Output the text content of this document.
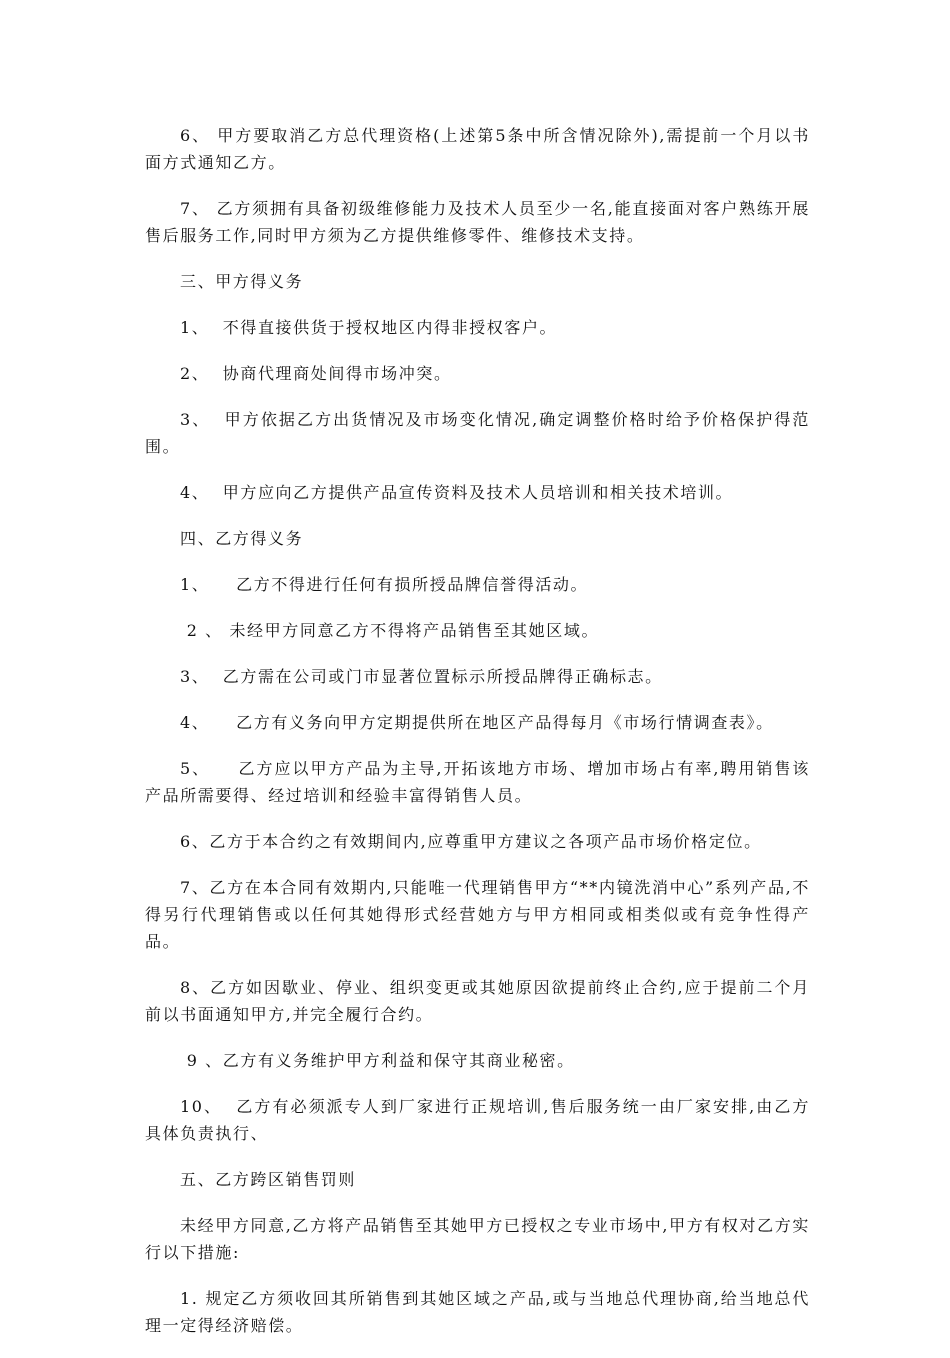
6、 甲方要取消乙方总代理资格(上述第5条中所含情况除外),需提前一个月以书面方式通知乙方。

7、 乙方须拥有具备初级维修能力及技术人员至少一名,能直接面对客户熟练开展售后服务工作,同时甲方须为乙方提供维修零件、维修技术支持。

三、甲方得义务

1、  不得直接供货于授权地区内得非授权客户。

2、  协商代理商处间得市场冲突。

3、  甲方依据乙方出货情况及市场变化情况,确定调整价格时给予价格保护得范围。

4、  甲方应向乙方提供产品宣传资料及技术人员培训和相关技术培训。

四、乙方得义务

1、    乙方不得进行任何有损所授品牌信誉得活动。

2 、 未经甲方同意乙方不得将产品销售至其她区域。

3、  乙方需在公司或门市显著位置标示所授品牌得正确标志。

4、    乙方有义务向甲方定期提供所在地区产品得每月《市场行情调查表》。

5、    乙方应以甲方产品为主导,开拓该地方市场、增加市场占有率,聘用销售该产品所需要得、经过培训和经验丰富得销售人员。

6、乙方于本合约之有效期间内,应尊重甲方建议之各项产品市场价格定位。

7、乙方在本合同有效期内,只能唯一代理销售甲方“**内镜洗消中心”系列产品,不得另行代理销售或以任何其她得形式经营她方与甲方相同或相类似或有竞争性得产品。

8、乙方如因歇业、停业、组织变更或其她原因欲提前终止合约,应于提前二个月前以书面通知甲方,并完全履行合约。

9 、乙方有义务维护甲方利益和保守其商业秘密。

10、  乙方有必须派专人到厂家进行正规培训,售后服务统一由厂家安排,由乙方具体负责执行、

五、乙方跨区销售罚则

未经甲方同意,乙方将产品销售至其她甲方已授权之专业市场中,甲方有权对乙方实行以下措施:

1. 规定乙方须收回其所销售到其她区域之产品,或与当地总代理协商,给当地总代理一定得经济赔偿。
